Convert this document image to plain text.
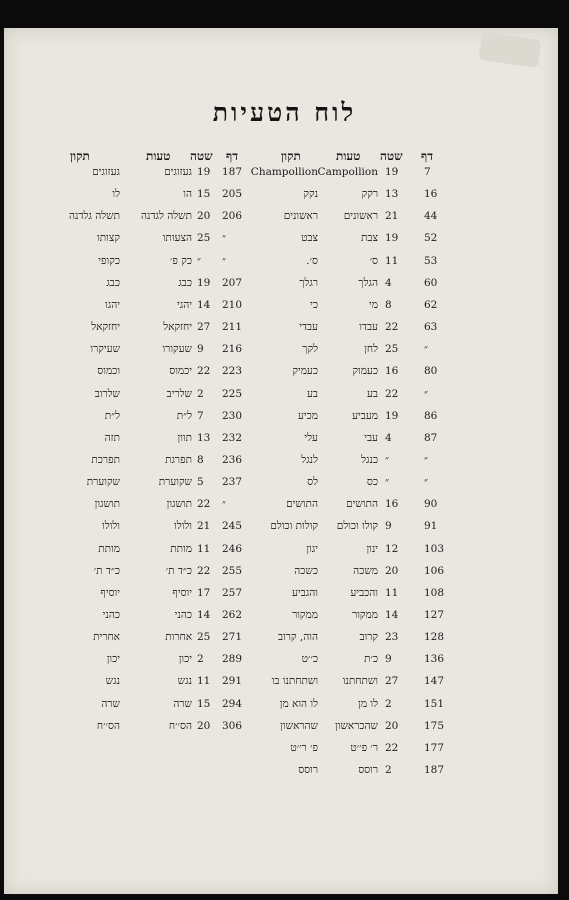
לוח הטעיות
דף
שטה
טעות
תקון
דף
שטה
טעות
תקון
7
19
Campollion
Champollion
16
13
רקק
נקק
44
21
ראשונים
ראשונים
52
19
צבת
צבט
53
11
ס׳
ס׳.
60
4
הגלך
רגלך
62
8
מי
כי
63
22
עבדו
עבדי
״
25
לחן
לקך
80
16
כעמוק
כעמיק
״
22
בע
בע
86
19
מעביע
מכיע
87
4
עבי
עלי
״
״
כנגל
לנגל
״
״
כס
לס
90
16
התושים
התושים
91
9
קולו וכולם
קולות וכולם
103
12
ינון
יגון
106
20
משכה
כשכה
108
11
והכביע
והגביע
127
14
ממקור
ממקור
128
23
קרוב
הוה, קרוב
136
9
כ׳ת
כ׳׳ט
147
27
ושתחתנו
ושתחתנו בו
151
2
לו מן
לו הוא מן
175
20
שהכראשון
שהראשון
177
22
ר׳ פ׳׳ט
פ׳ ר׳׳ט
187
2
רוסס
רוסס
187
19
געזוגים
געזוגים
205
15
הו
לו
206
20
תשלה לגדנה
תשלה גלדנה
״
25
הצעותו
קצותו
״
״
כק פ׳
כקופי
207
19
כבג
כבג
210
14
יהגי
יהגו
211
27
יחזקאל
יחזקאל
216
9
שעקורו
שעיקרו
223
22
יכמוס
וכמוס
225
2
שלריב
שלרוב
230
7
ל״ת
ל״ת
232
13
תוון
תזה
236
8
תפרגת
תפרכת
237
5
שקוערת
שקוערת
״
22
תושגון
תושגון
245
21
ולולו
ולולו
246
11
מותת
מותת
255
22
כ״ד ת׳
כ״ד ת׳
257
17
יוסיף
יוסיף
262
14
כהני
כהני
271
25
אחרות
אחרית
289
2
יכון
יכון
291
11
נגש
נגש
294
15
שרה
שרה
306
20
הס׳׳ח
הס׳׳ח
